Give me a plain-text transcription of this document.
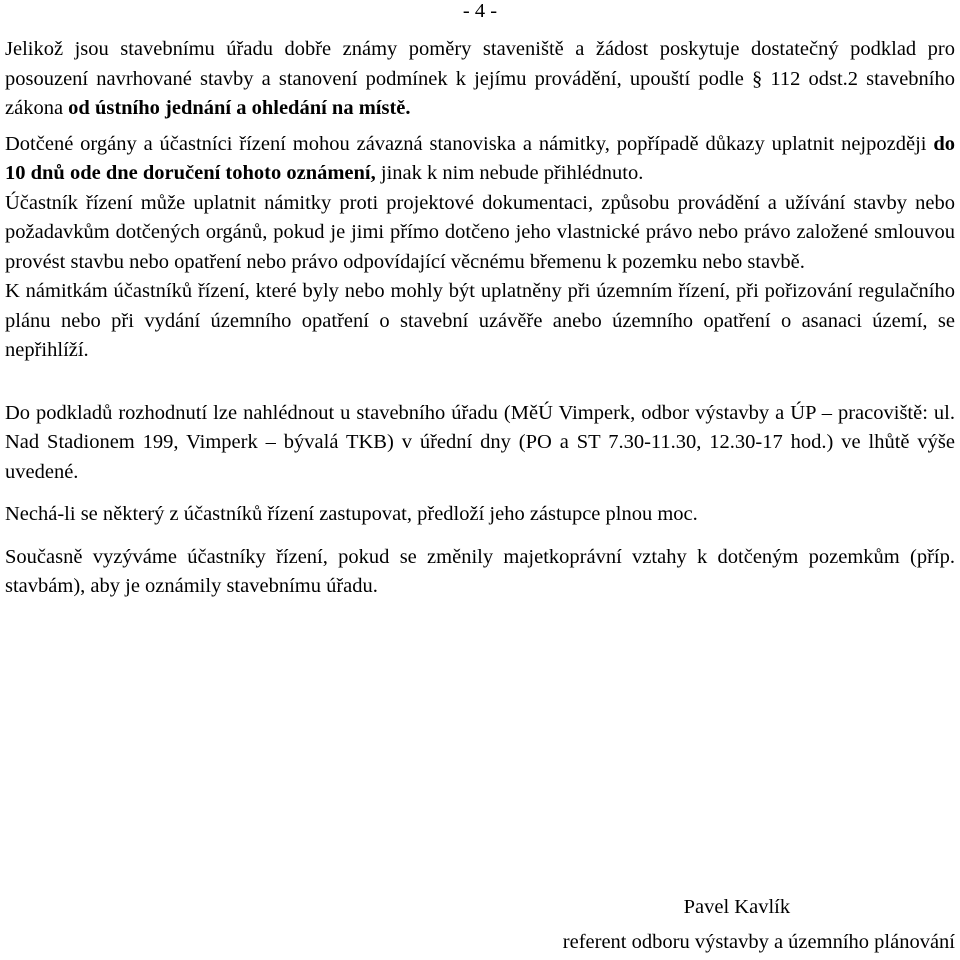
- 4 -

Jelikož jsou stavebnímu úřadu dobře známy poměry staveniště a žádost poskytuje dostatečný podklad pro posouzení navrhované stavby a stanovení podmínek k jejímu provádění, upouští podle § 112 odst.2 stavebního zákona od ústního jednání a ohledání na místě.

Dotčené orgány a účastníci řízení mohou závazná stanoviska a námitky, popřípadě důkazy uplatnit nejpozději do 10 dnů ode dne doručení tohoto oznámení, jinak k nim nebude přihlédnuto.

Účastník řízení může uplatnit námitky proti projektové dokumentaci, způsobu provádění a užívání stavby nebo požadavkům dotčených orgánů, pokud je jimi přímo dotčeno jeho vlastnické právo nebo právo založené smlouvou provést stavbu nebo opatření nebo právo odpovídající věcnému břemenu k pozemku nebo stavbě.

K námitkám účastníků řízení, které byly nebo mohly být uplatněny při územním řízení, při pořizování regulačního plánu nebo při vydání územního opatření o stavební uzávěře anebo územního opatření o asanaci území, se nepřihlíží.

Do podkladů rozhodnutí lze nahlédnout u stavebního úřadu (MěÚ Vimperk, odbor výstavby a ÚP – pracoviště: ul. Nad Stadionem 199, Vimperk – bývalá TKB) v úřední dny (PO a ST 7.30-11.30, 12.30-17 hod.) ve lhůtě výše uvedené.

Nechá-li se některý z účastníků řízení zastupovat, předloží jeho zástupce plnou moc.

Současně vyzýváme účastníky řízení, pokud se změnily majetkoprávní vztahy k dotčeným pozemkům (příp. stavbám), aby je oznámily stavebnímu úřadu.

Pavel Kavlík
referent odboru výstavby a územního plánování
